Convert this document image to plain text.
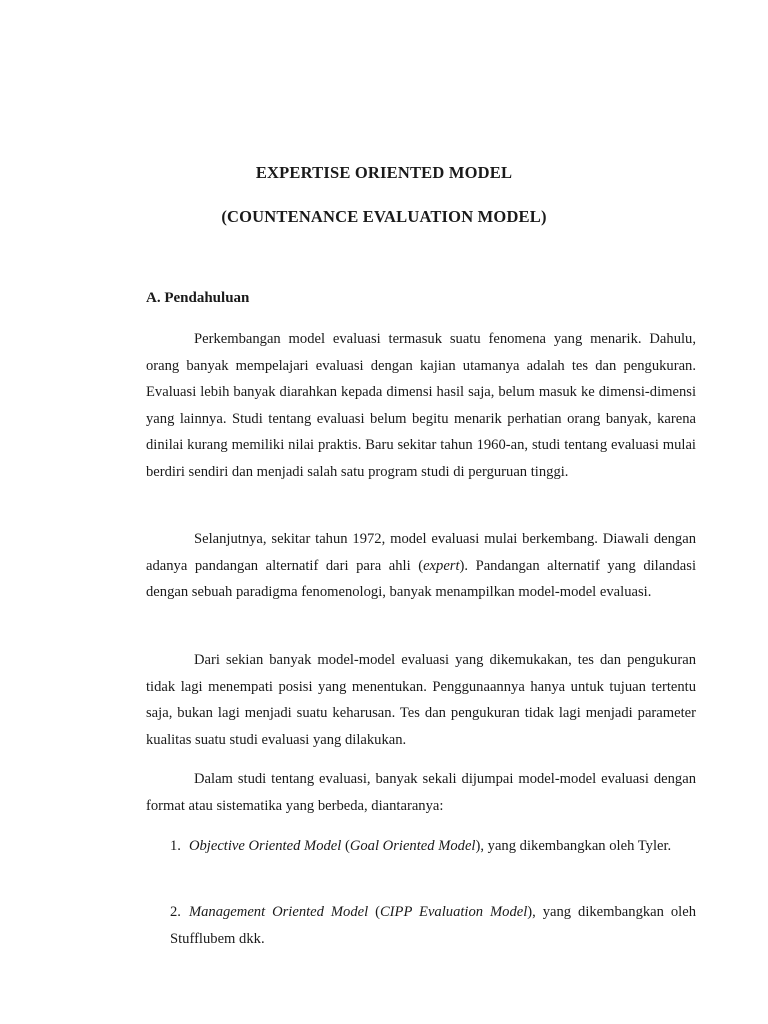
EXPERTISE ORIENTED MODEL
(COUNTENANCE EVALUATION MODEL)
A. Pendahuluan

Perkembangan model evaluasi termasuk suatu fenomena yang menarik. Dahulu, orang banyak mempelajari evaluasi dengan kajian utamanya adalah tes dan pengukuran. Evaluasi lebih banyak diarahkan kepada dimensi hasil saja, belum masuk ke dimensi-dimensi yang lainnya. Studi tentang evaluasi belum begitu menarik perhatian orang banyak, karena dinilai kurang memiliki nilai praktis. Baru sekitar tahun 1960-an, studi tentang evaluasi mulai berdiri sendiri dan menjadi salah satu program studi di perguruan tinggi.

Selanjutnya, sekitar tahun 1972, model evaluasi mulai berkembang. Diawali dengan adanya pandangan alternatif dari para ahli (expert). Pandangan alternatif yang dilandasi dengan sebuah paradigma fenomenologi, banyak menampilkan model-model evaluasi.

Dari sekian banyak model-model evaluasi yang dikemukakan, tes dan pengukuran tidak lagi menempati posisi yang menentukan. Penggunaannya hanya untuk tujuan tertentu saja, bukan lagi menjadi suatu keharusan. Tes dan pengukuran tidak lagi menjadi parameter kualitas suatu studi evaluasi yang dilakukan.

Dalam studi tentang evaluasi, banyak sekali dijumpai model-model evaluasi dengan format atau sistematika yang berbeda, diantaranya:

1. Objective Oriented Model (Goal Oriented Model), yang dikembangkan oleh Tyler.

2. Management Oriented Model (CIPP Evaluation Model), yang dikembangkan oleh Stufflubem dkk.
